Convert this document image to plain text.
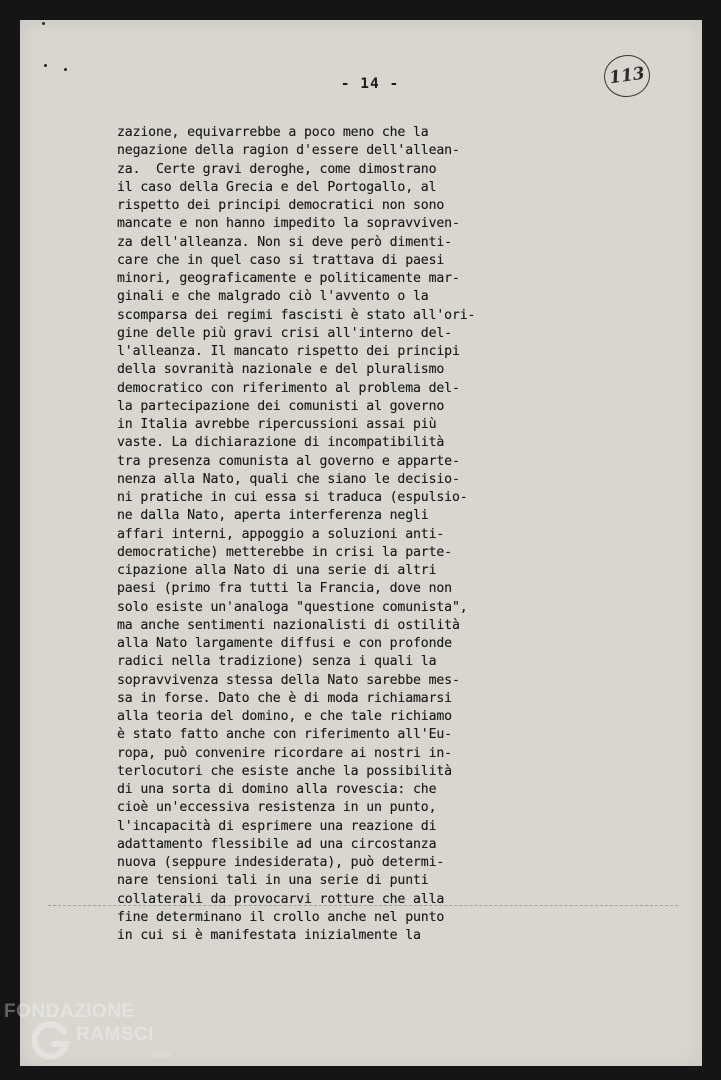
- 14 -	113
zazione, equivarrebbe a poco meno che la
negazione della ragion d'essere dell'allean-
za.  Certe gravi deroghe, come dimostrano
il caso della Grecia e del Portogallo, al
rispetto dei principi democratici non sono
mancate e non hanno impedito la sopravviven-
za dell'alleanza. Non si deve però dimenti-
care che in quel caso si trattava di paesi
minori, geograficamente e politicamente mar-
ginali e che malgrado ciò l'avvento o la
scomparsa dei regimi fascisti è stato all'ori-
gine delle più gravi crisi all'interno del-
l'alleanza. Il mancato rispetto dei principi
della sovranità nazionale e del pluralismo
democratico con riferimento al problema del-
la partecipazione dei comunisti al governo
in Italia avrebbe ripercussioni assai più
vaste. La dichiarazione di incompatibilità
tra presenza comunista al governo e apparte-
nenza alla Nato, quali che siano le decisio-
ni pratiche in cui essa si traduca (espulsio-
ne dalla Nato, aperta interferenza negli
affari interni, appoggio a soluzioni anti-
democratiche) metterebbe in crisi la parte-
cipazione alla Nato di una serie di altri
paesi (primo fra tutti la Francia, dove non
solo esiste un'analoga "questione comunista",
ma anche sentimenti nazionalisti di ostilità
alla Nato largamente diffusi e con profonde
radici nella tradizione) senza i quali la
sopravvivenza stessa della Nato sarebbe mes-
sa in forse. Dato che è di moda richiamarsi
alla teoria del domino, e che tale richiamo
è stato fatto anche con riferimento all'Eu-
ropa, può convenire ricordare ai nostri in-
terlocutori che esiste anche la possibilità
di una sorta di domino alla rovescia: che
cioè un'eccessiva resistenza in un punto,
l'incapacità di esprimere una reazione di
adattamento flessibile ad una circostanza
nuova (seppure indesiderata), può determi-
nare tensioni tali in una serie di punti
collaterali da provocarvi rotture che alla
fine determinano il crollo anche nel punto
in cui si è manifestata inizialmente la
FONDAZIONE
RAMSCI
onlus
